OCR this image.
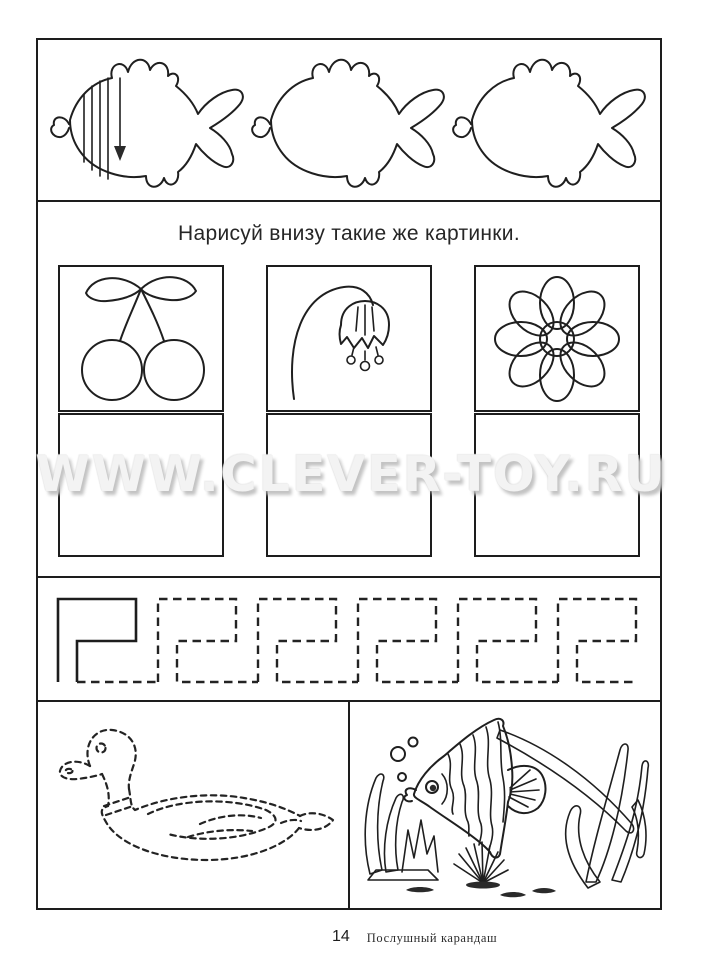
Нарисуй внизу такие же картинки.
WWW.CLEVER-TOY.RU
14 Послушный карандаш
